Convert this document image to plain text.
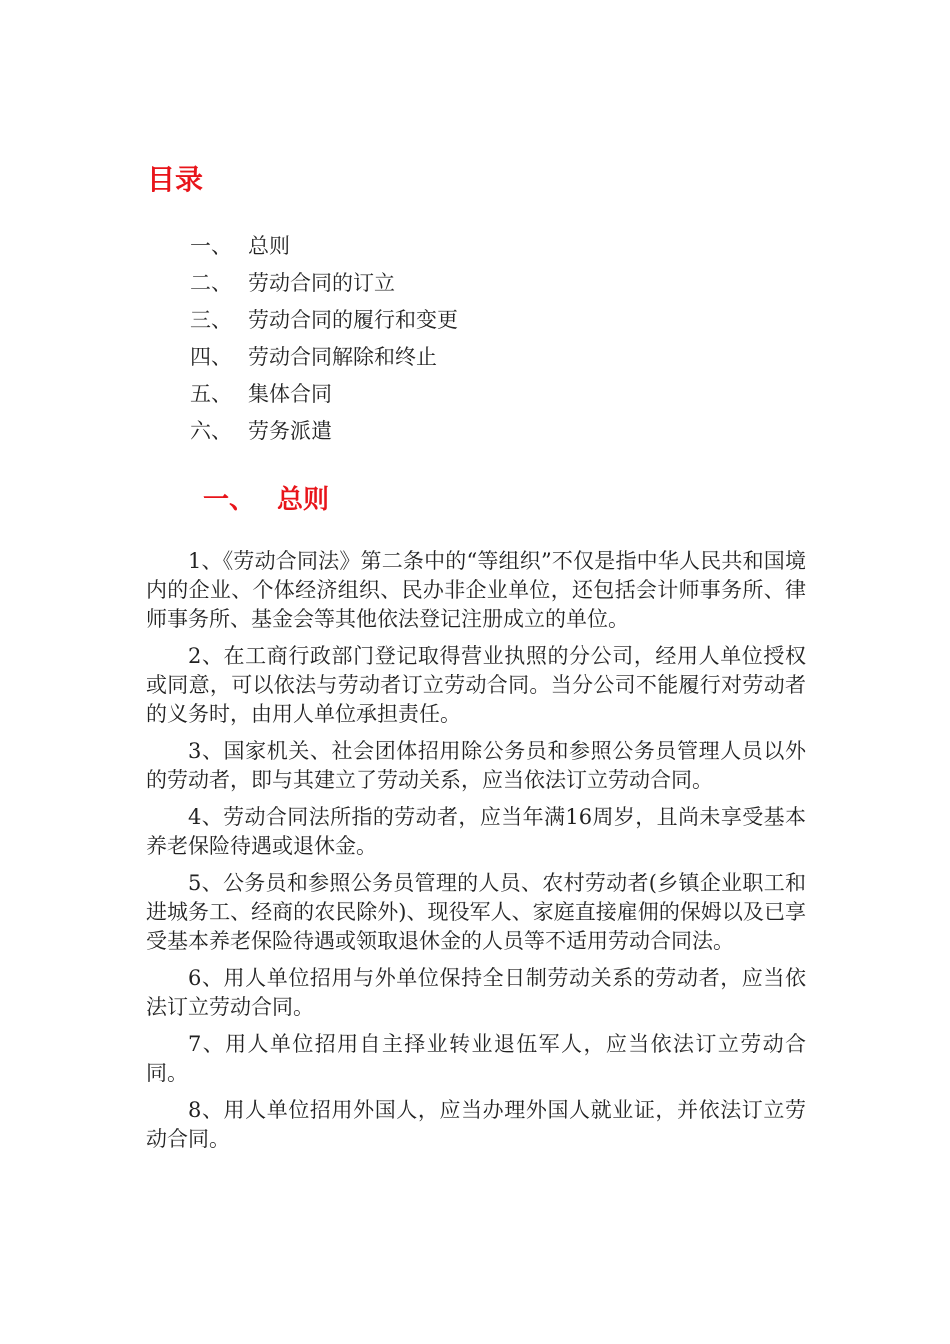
目录
一、 总则
二、 劳动合同的订立
三、 劳动合同的履行和变更
四、 劳动合同解除和终止
五、 集体合同
六、 劳务派遣
一、 总则

1、《劳动合同法》第二条中的“等组织”不仅是指中华人民共和国境内的企业、个体经济组织、民办非企业单位，还包括会计师事务所、律师事务所、基金会等其他依法登记注册成立的单位。

2、在工商行政部门登记取得营业执照的分公司，经用人单位授权或同意，可以依法与劳动者订立劳动合同。当分公司不能履行对劳动者的义务时，由用人单位承担责任。

3、国家机关、社会团体招用除公务员和参照公务员管理人员以外的劳动者，即与其建立了劳动关系，应当依法订立劳动合同。

4、劳动合同法所指的劳动者，应当年满16周岁，且尚未享受基本养老保险待遇或退休金。

5、公务员和参照公务员管理的人员、农村劳动者(乡镇企业职工和进城务工、经商的农民除外)、现役军人、家庭直接雇佣的保姆以及已享受基本养老保险待遇或领取退休金的人员等不适用劳动合同法。

6、用人单位招用与外单位保持全日制劳动关系的劳动者，应当依法订立劳动合同。

7、用人单位招用自主择业转业退伍军人，应当依法订立劳动合同。

8、用人单位招用外国人，应当办理外国人就业证，并依法订立劳动合同。
